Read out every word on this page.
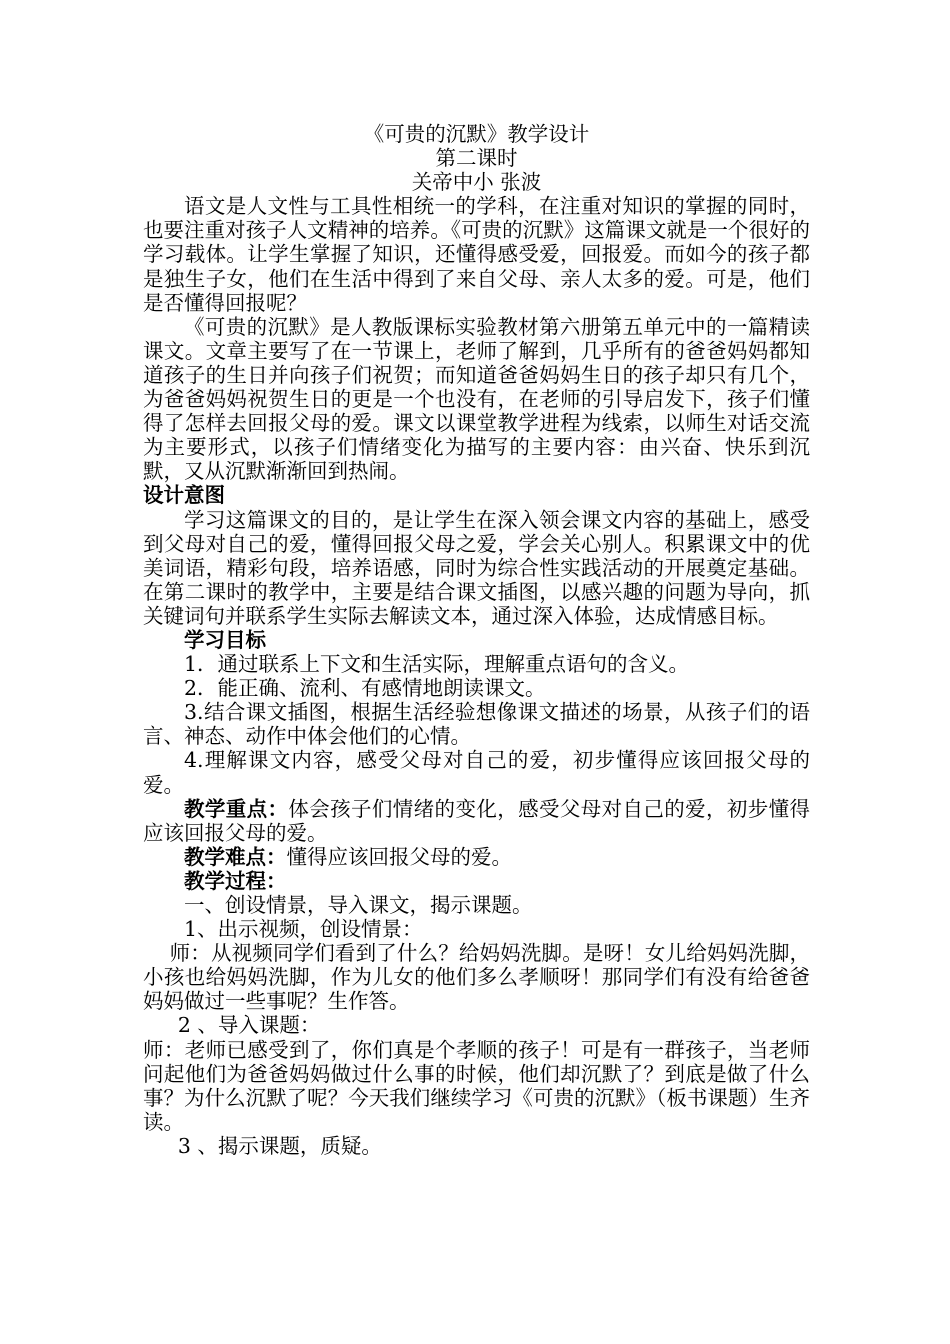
《可贵的沉默》教学设计
第二课时
关帝中小 张波

语文是人文性与工具性相统一的学科，在注重对知识的掌握的同时，也要注重对孩子人文精神的培养。《可贵的沉默》这篇课文就是一个很好的学习载体。让学生掌握了知识，还懂得感受爱，回报爱。而如今的孩子都是独生子女，他们在生活中得到了来自父母、亲人太多的爱。可是，他们是否懂得回报呢？

《可贵的沉默》是人教版课标实验教材第六册第五单元中的一篇精读课文。文章主要写了在一节课上，老师了解到，几乎所有的爸爸妈妈都知道孩子的生日并向孩子们祝贺；而知道爸爸妈妈生日的孩子却只有几个，为爸爸妈妈祝贺生日的更是一个也没有，在老师的引导启发下，孩子们懂得了怎样去回报父母的爱。课文以课堂教学进程为线索，以师生对话交流为主要形式，以孩子们情绪变化为描写的主要内容：由兴奋、快乐到沉默，又从沉默渐渐回到热闹。

设计意图

学习这篇课文的目的，是让学生在深入领会课文内容的基础上，感受到父母对自己的爱，懂得回报父母之爱，学会关心别人。积累课文中的优美词语，精彩句段，培养语感，同时为综合性实践活动的开展奠定基础。在第二课时的教学中，主要是结合课文插图，以感兴趣的问题为导向，抓关键词句并联系学生实际去解读文本，通过深入体验，达成情感目标。

学习目标

1．通过联系上下文和生活实际，理解重点语句的含义。

2．能正确、流利、有感情地朗读课文。

3.结合课文插图，根据生活经验想像课文描述的场景，从孩子们的语言、神态、动作中体会他们的心情。

4.理解课文内容，感受父母对自己的爱，初步懂得应该回报父母的爱。

教学重点：体会孩子们情绪的变化，感受父母对自己的爱，初步懂得应该回报父母的爱。

教学难点：懂得应该回报父母的爱。

教学过程：

一、创设情景，导入课文，揭示课题。

1、出示视频，创设情景：

师：从视频同学们看到了什么？给妈妈洗脚。是呀！女儿给妈妈洗脚，小孩也给妈妈洗脚，作为儿女的他们多么孝顺呀！那同学们有没有给爸爸妈妈做过一些事呢？生作答。

2 、导入课题：

师：老师已感受到了，你们真是个孝顺的孩子！可是有一群孩子，当老师问起他们为爸爸妈妈做过什么事的时候，他们却沉默了？到底是做了什么事？为什么沉默了呢？今天我们继续学习《可贵的沉默》（板书课题）生齐读。

3 、揭示课题，质疑。
